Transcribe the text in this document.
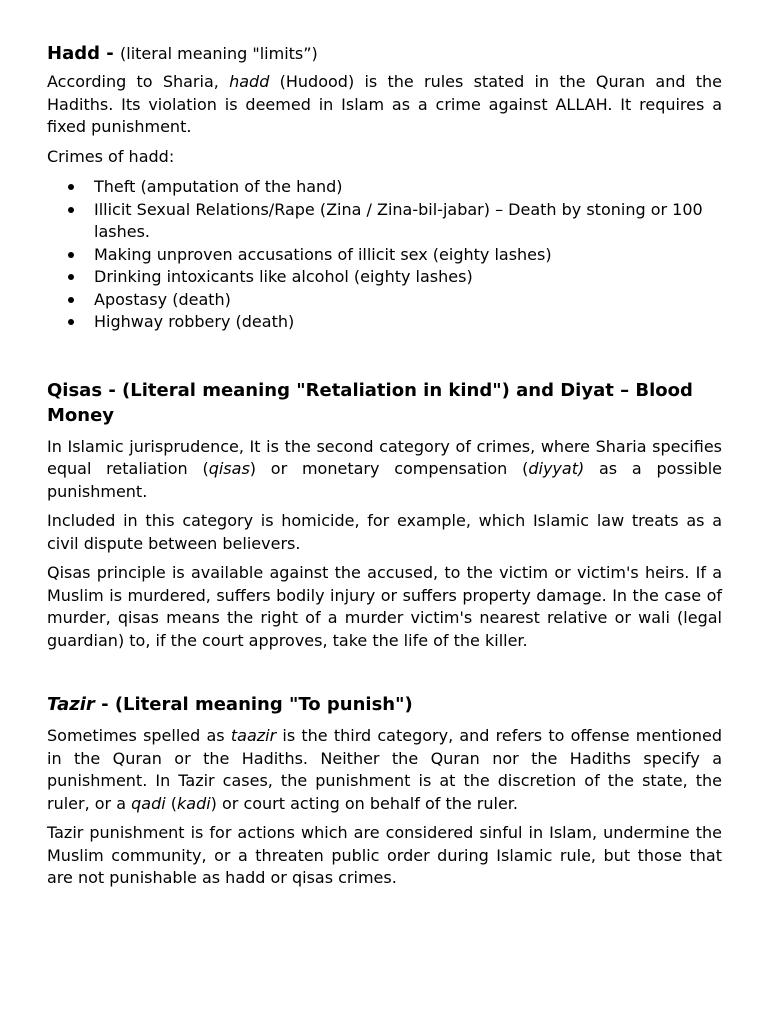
Hadd - (literal meaning "limits”)

According to Sharia, hadd (Hudood) is the rules stated in the Quran and the Hadiths. Its violation is deemed in Islam as a crime against ALLAH. It requires a fixed punishment.

Crimes of hadd:

Theft (amputation of the hand)
Illicit Sexual Relations/Rape (Zina / Zina-bil-jabar) – Death by stoning or 100 lashes.
Making unproven accusations of illicit sex (eighty lashes)
Drinking intoxicants like alcohol (eighty lashes)
Apostasy (death)
Highway robbery (death)
Qisas - (Literal meaning "Retaliation in kind") and Diyat – Blood Money

In Islamic jurisprudence, It is the second category of crimes, where Sharia specifies equal retaliation (qisas) or monetary compensation (diyyat) as a possible punishment.

Included in this category is homicide, for example, which Islamic law treats as a civil dispute between believers.

Qisas principle is available against the accused, to the victim or victim's heirs. If a Muslim is murdered, suffers bodily injury or suffers property damage. In the case of murder, qisas means the right of a murder victim's nearest relative or wali (legal guardian) to, if the court approves, take the life of the killer.

Tazir - (Literal meaning "To punish")

Sometimes spelled as taazir is the third category, and refers to offense mentioned in the Quran or the Hadiths. Neither the Quran nor the Hadiths specify a punishment. In Tazir cases, the punishment is at the discretion of the state, the ruler, or a qadi (kadi) or court acting on behalf of the ruler.

Tazir punishment is for actions which are considered sinful in Islam, undermine the Muslim community, or a threaten public order during Islamic rule, but those that are not punishable as hadd or qisas crimes.
